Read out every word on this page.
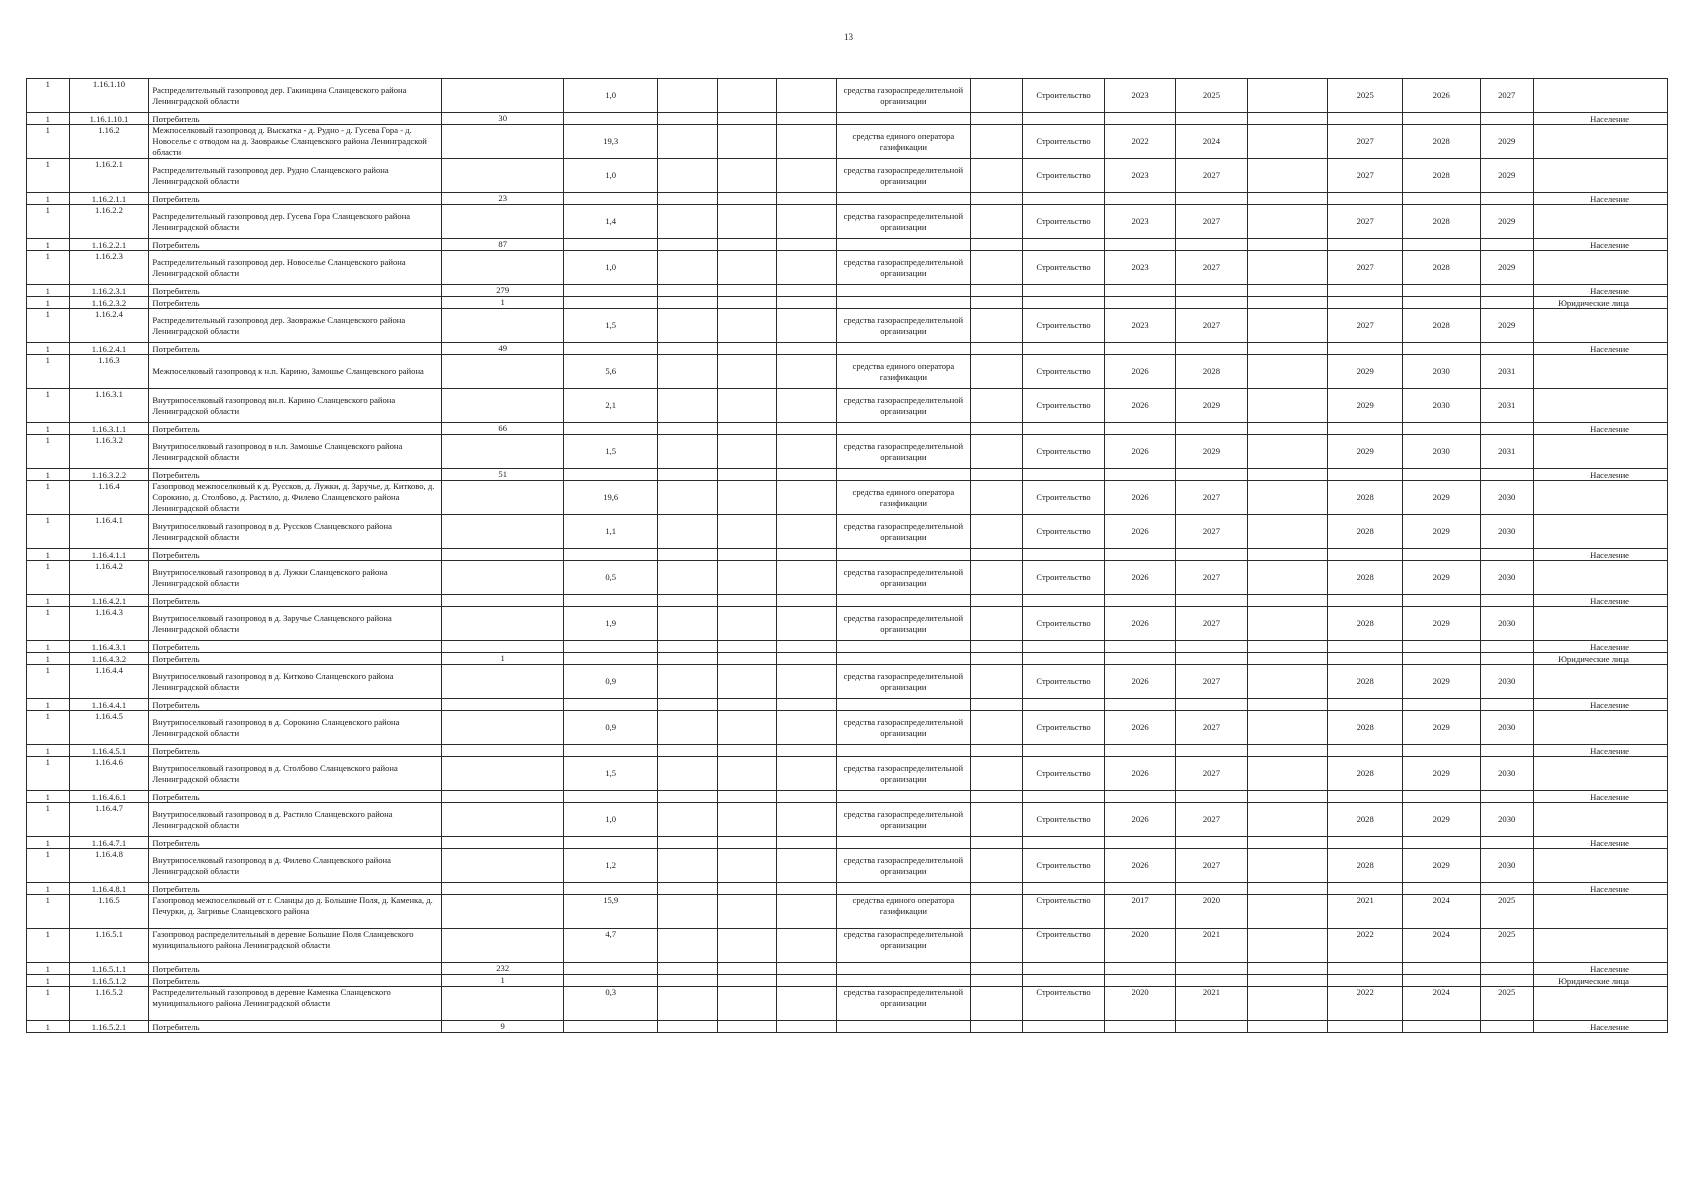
13
1	1.16.1.10	Распределительный газопровод дер. Гакинцина Сланцевского района Ленинградской области		1,0				средства газораспределительной организации		Строительство	2023	2025		2025	2026	2027	
1	1.16.1.10.1	Потребитель	30														Население
1	1.16.2	Межпоселковый газопровод д. Выскатка - д. Рудно - д. Гусева Гора - д. Новоселье с отводом на д. Заовражье Сланцевского района Ленинградской области		19,3				средства единого оператора газификации		Строительство	2022	2024		2027	2028	2029	
1	1.16.2.1	Распределительный газопровод дер. Рудно Сланцевского района Ленинградской области		1,0				средства газораспределительной организации		Строительство	2023	2027		2027	2028	2029	
1	1.16.2.1.1	Потребитель	23														Население
1	1.16.2.2	Распределительный газопровод дер. Гусева Гора Сланцевского района Ленинградской области		1,4				средства газораспределительной организации		Строительство	2023	2027		2027	2028	2029	
1	1.16.2.2.1	Потребитель	87														Население
1	1.16.2.3	Распределительный газопровод дер. Новоселье Сланцевского района Ленинградской области		1,0				средства газораспределительной организации		Строительство	2023	2027		2027	2028	2029	
1	1.16.2.3.1	Потребитель	279														Население
1	1.16.2.3.2	Потребитель	1														Юридические лица
1	1.16.2.4	Распределительный газопровод дер. Заовражье Сланцевского района Ленинградской области		1,5				средства газораспределительной организации		Строительство	2023	2027		2027	2028	2029	
1	1.16.2.4.1	Потребитель	49														Население
1	1.16.3	Межпоселковый газопровод к н.п. Карино, Замошье Сланцевского района		5,6				средства единого оператора газификации		Строительство	2026	2028		2029	2030	2031	
1	1.16.3.1	Внутрипоселковый газопровод вн.п. Карино Сланцевского района Ленинградской области		2,1				средства газораспределительной организации		Строительство	2026	2029		2029	2030	2031	
1	1.16.3.1.1	Потребитель	66														Население
1	1.16.3.2	Внутрипоселковый газопровод в н.п. Замошье Сланцевского района Ленинградской области		1,5				средства газораспределительной организации		Строительство	2026	2029		2029	2030	2031	
1	1.16.3.2.2	Потребитель	51														Население
1	1.16.4	Газопровод межпоселковый к д. Руссков, д. Лужки, д. Заручье, д. Китково, д. Сорокино, д. Столбово, д. Растило, д. Филево Сланцевского района Ленинградской области		19,6				средства единого оператора газификации		Строительство	2026	2027		2028	2029	2030	
1	1.16.4.1	Внутрипоселковый газопровод в д. Руссков Сланцевского района Ленинградской области		1,1				средства газораспределительной организации		Строительство	2026	2027		2028	2029	2030	
1	1.16.4.1.1	Потребитель															Население
1	1.16.4.2	Внутрипоселковый газопровод в д. Лужки Сланцевского района Ленинградской области		0,5				средства газораспределительной организации		Строительство	2026	2027		2028	2029	2030	
1	1.16.4.2.1	Потребитель															Население
1	1.16.4.3	Внутрипоселковый газопровод в д. Заручье Сланцевского района Ленинградской области		1,9				средства газораспределительной организации		Строительство	2026	2027		2028	2029	2030	
1	1.16.4.3.1	Потребитель															Население
1	1.16.4.3.2	Потребитель	1														Юридические лица
1	1.16.4.4	Внутрипоселковый газопровод в д. Китково Сланцевского района Ленинградской области		0,9				средства газораспределительной организации		Строительство	2026	2027		2028	2029	2030	
1	1.16.4.4.1	Потребитель															Население
1	1.16.4.5	Внутрипоселковый газопровод в д. Сорокино Сланцевского района Ленинградской области		0,9				средства газораспределительной организации		Строительство	2026	2027		2028	2029	2030	
1	1.16.4.5.1	Потребитель															Население
1	1.16.4.6	Внутрипоселковый газопровод в д. Столбово Сланцевского района Ленинградской области		1,5				средства газораспределительной организации		Строительство	2026	2027		2028	2029	2030	
1	1.16.4.6.1	Потребитель															Население
1	1.16.4.7	Внутрипоселковый газопровод в д. Растило Сланцевского района Ленинградской области		1,0				средства газораспределительной организации		Строительство	2026	2027		2028	2029	2030	
1	1.16.4.7.1	Потребитель															Население
1	1.16.4.8	Внутрипоселковый газопровод в д. Филево Сланцевского района Ленинградской области		1,2				средства газораспределительной организации		Строительство	2026	2027		2028	2029	2030	
1	1.16.4.8.1	Потребитель															Население
1	1.16.5	Газопровод межпоселковый от г. Сланцы до д. Большие Поля, д. Каменка, д. Печурки, д. Загривье Сланцевского района		15,9				средства единого оператора газификации		Строительство	2017	2020		2021	2024	2025	
1	1.16.5.1	Газопровод распределительный в деревне Большие Поля Сланцевского муниципального района Ленинградской области		4,7				средства газораспределительной организации		Строительство	2020	2021		2022	2024	2025	
1	1.16.5.1.1	Потребитель	232														Население
1	1.16.5.1.2	Потребитель	1														Юридические лица
1	1.16.5.2	Распределительный газопровод в деревне Каменка Сланцевского муниципального района Ленинградской области		0,3				средства газораспределительной организации		Строительство	2020	2021		2022	2024	2025	
1	1.16.5.2.1	Потребитель	9														Население
